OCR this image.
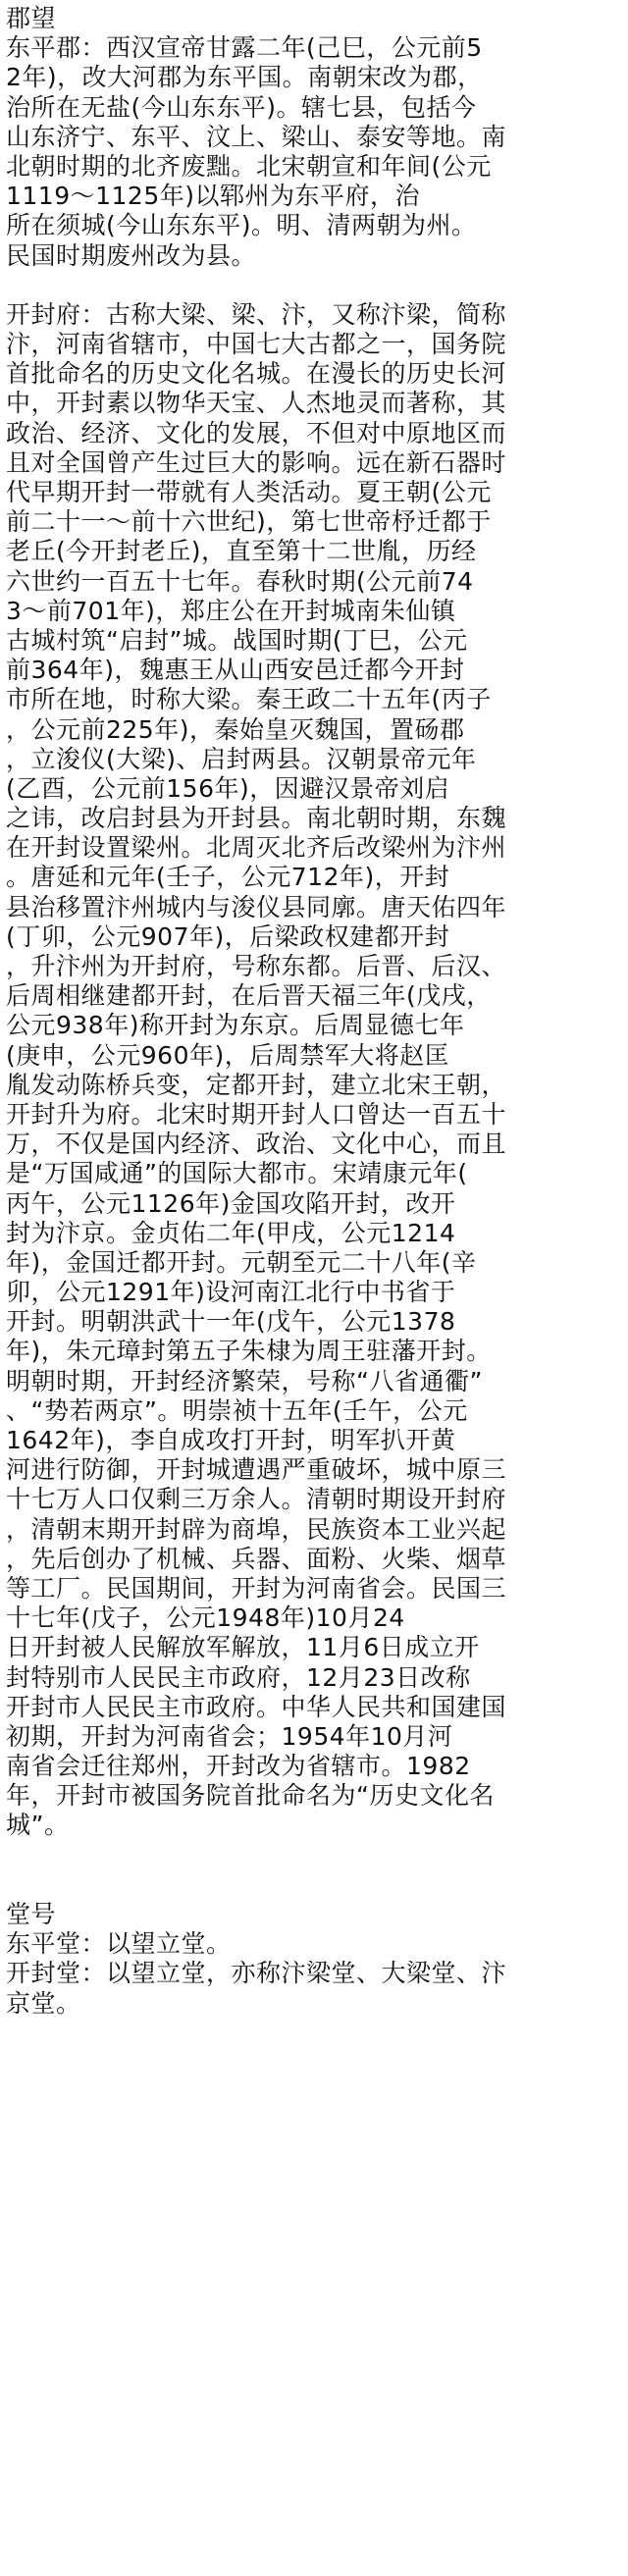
郡望
东平郡：西汉宣帝甘露二年(己巳，公元前5
2年)，改大河郡为东平国。南朝宋改为郡，
治所在无盐(今山东东平)。辖七县，包括今
山东济宁、东平、汶上、梁山、泰安等地。南
北朝时期的北齐废黜。北宋朝宣和年间(公元
1119～1125年)以郓州为东平府，治
所在须城(今山东东平)。明、清两朝为州。
民国时期废州改为县。
开封府：古称大梁、梁、汴，又称汴梁，简称
汴，河南省辖市，中国七大古都之一，国务院
首批命名的历史文化名城。在漫长的历史长河
中，开封素以物华天宝、人杰地灵而著称，其
政治、经济、文化的发展，不但对中原地区而
且对全国曾产生过巨大的影响。远在新石器时
代早期开封一带就有人类活动。夏王朝(公元
前二十一～前十六世纪)，第七世帝杼迁都于
老丘(今开封老丘)，直至第十二世胤，历经
六世约一百五十七年。春秋时期(公元前74
3～前701年)，郑庄公在开封城南朱仙镇
古城村筑“启封”城。战国时期(丁巳，公元
前364年)，魏惠王从山西安邑迁都今开封
市所在地，时称大梁。秦王政二十五年(丙子
，公元前225年)，秦始皇灭魏国，置砀郡
，立浚仪(大梁)、启封两县。汉朝景帝元年
(乙酉，公元前156年)，因避汉景帝刘启
之讳，改启封县为开封县。南北朝时期，东魏
在开封设置梁州。北周灭北齐后改梁州为汴州
。唐延和元年(壬子，公元712年)，开封
县治移置汴州城内与浚仪县同廓。唐天佑四年
(丁卯，公元907年)，后梁政权建都开封
，升汴州为开封府，号称东都。后晋、后汉、
后周相继建都开封，在后晋天福三年(戊戌，
公元938年)称开封为东京。后周显德七年
(庚申，公元960年)，后周禁军大将赵匡
胤发动陈桥兵变，定都开封，建立北宋王朝，
开封升为府。北宋时期开封人口曾达一百五十
万，不仅是国内经济、政治、文化中心，而且
是“万国咸通”的国际大都市。宋靖康元年(
丙午，公元1126年)金国攻陷开封，改开
封为汴京。金贞佑二年(甲戌，公元1214
年)，金国迁都开封。元朝至元二十八年(辛
卯，公元1291年)设河南江北行中书省于
开封。明朝洪武十一年(戊午，公元1378
年)，朱元璋封第五子朱棣为周王驻藩开封。
明朝时期，开封经济繁荣，号称“八省通衢”
、“势若两京”。明崇祯十五年(壬午，公元
1642年)，李自成攻打开封，明军扒开黄
河进行防御，开封城遭遇严重破坏，城中原三
十七万人口仅剩三万余人。清朝时期设开封府
，清朝末期开封辟为商埠，民族资本工业兴起
，先后创办了机械、兵器、面粉、火柴、烟草
等工厂。民国期间，开封为河南省会。民国三
十七年(戊子，公元1948年)10月24
日开封被人民解放军解放，11月6日成立开
封特别市人民民主市政府，12月23日改称
开封市人民民主市政府。中华人民共和国建国
初期，开封为河南省会；1954年10月河
南省会迁往郑州，开封改为省辖市。1982
年，开封市被国务院首批命名为“历史文化名
城”。
堂号
东平堂：以望立堂。
开封堂：以望立堂，亦称汴梁堂、大梁堂、汴
京堂。
